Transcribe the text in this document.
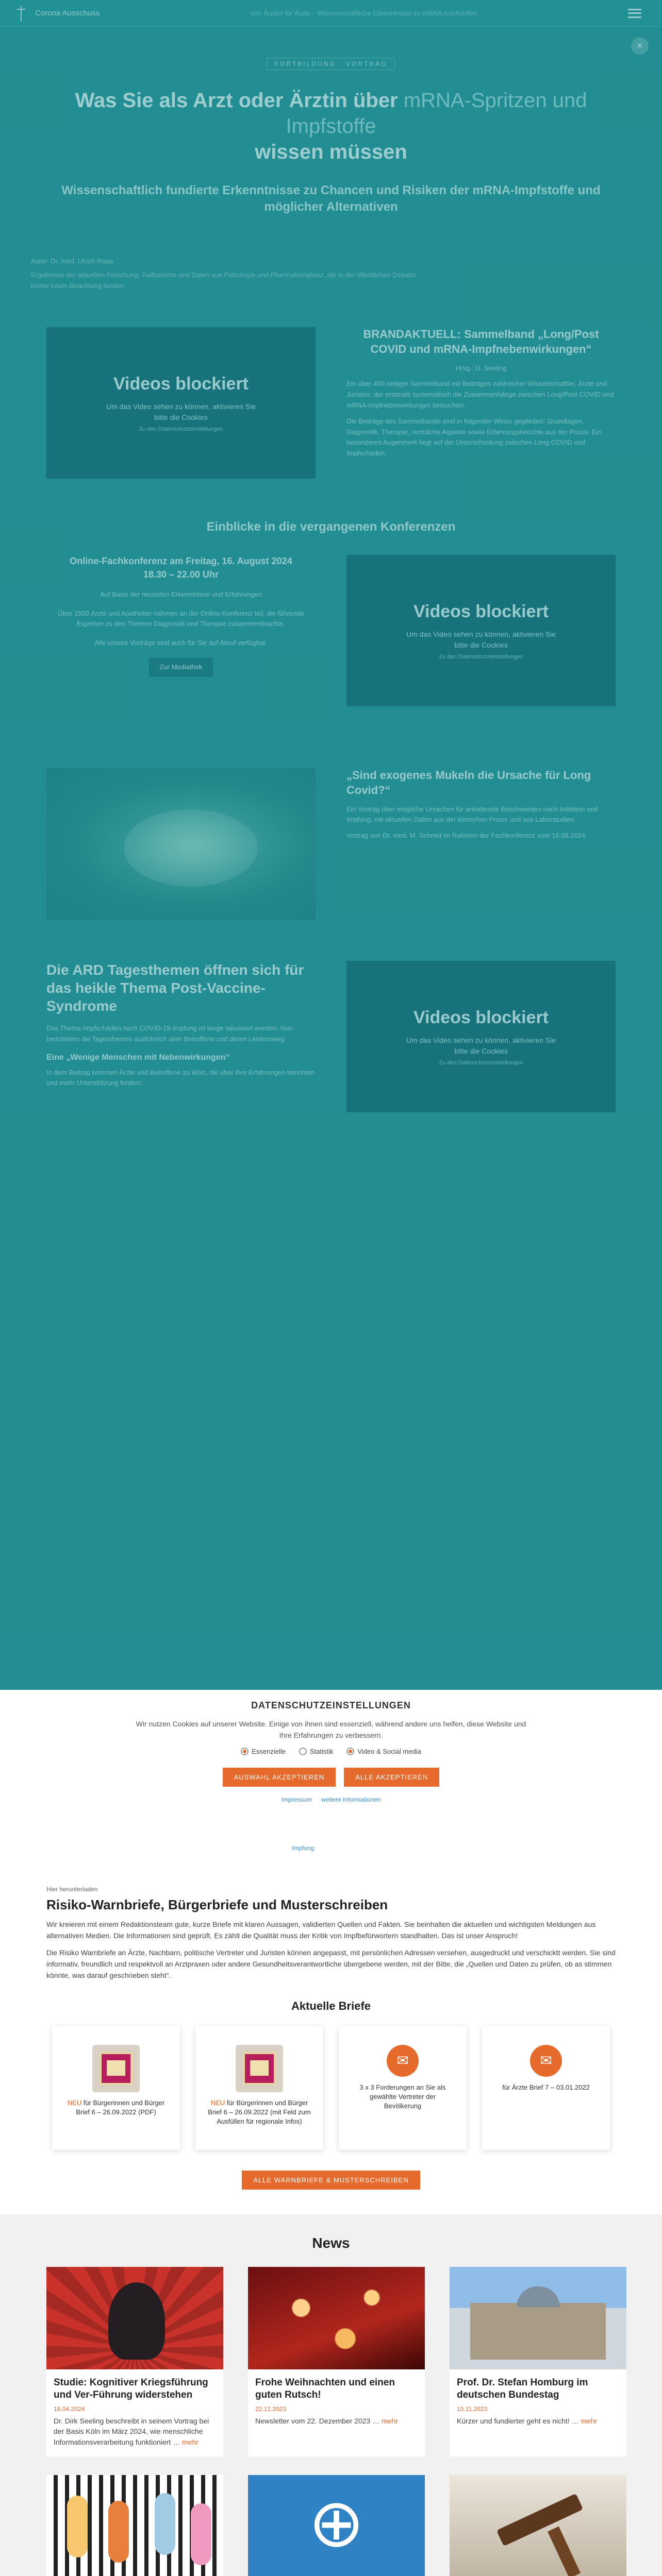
Corona Ausschuss	Von Ärzten für Ärzte – Wissenschaftliche Erkenntnisse zu mRNA-Impfstoffen
FORTBILDUNG · VORTRAG
×
Was Sie als Arzt oder Ärztin über mRNA-Spritzen und Impfstoffe
wissen müssen
Wissenschaftlich fundierte Erkenntnisse zu Chancen und Risiken der mRNA-Impfstoffe und möglicher Alternativen
Autor: Dr. med. Ulrich Rapp
Ergebnisse der aktuellen Forschung, Fallberichte und Daten aus Pathologie und Pharmakovigilanz, die in der öffentlichen Debatte bisher kaum Beachtung fanden.
Videos blockiert
Um das Video sehen zu können, aktivieren Sie bitte die Cookies
Zu den Datenschutzeinstellungen
BRANDAKTUELL: Sammelband „Long/Post COVID und mRNA-Impfnebenwirkungen“

Hrsg.: D. Seeling

Ein über 400-seitiger Sammelband mit Beiträgen zahlreicher Wissenschaftler, Ärzte und Juristen, der erstmals systematisch die Zusammenhänge zwischen Long/Post COVID und mRNA-Impfnebenwirkungen beleuchtet.

Die Beiträge des Sammelbands sind in folgender Weise gegliedert: Grundlagen, Diagnostik, Therapie, rechtliche Aspekte sowie Erfahrungsberichte aus der Praxis. Ein besonderes Augenmerk liegt auf der Unterscheidung zwischen Long COVID und Impfschäden.

Einblicke in die vergangenen Konferenzen
Online-Fachkonferenz am Freitag, 16. August 2024
18.30 – 22.00 Uhr

Auf Basis der neuesten Erkenntnisse und Erfahrungen

Über 1500 Ärzte und Apotheker nahmen an der Online-Konferenz teil, die führende Experten zu den Themen Diagnostik und Therapie zusammenbrachte.

Alle unsere Vorträge sind auch für Sie auf Abruf verfügbar.

Zur Mediathek
Videos blockiert
Um das Video sehen zu können, aktivieren Sie bitte die Cookies
Zu den Datenschutzeinstellungen
„Sind exogenes Mukeln die Ursache für Long Covid?“

Ein Vortrag über mögliche Ursachen für anhaltende Beschwerden nach Infektion und Impfung, mit aktuellen Daten aus der klinischen Praxis und aus Laborstudien.

Vortrag von Dr. med. M. Schmid im Rahmen der Fachkonferenz vom 16.08.2024.

Die ARD Tagesthemen öffnen sich für das heikle Thema Post-Vaccine-Syndrome

Das Thema Impfschäden nach COVID-19-Impfung ist lange tabuisiert worden. Nun berichteten die Tagesthemen ausführlich über Betroffene und deren Leidensweg.

Eine „Wenige Menschen mit Nebenwirkungen“

In dem Beitrag kommen Ärzte und Betroffene zu Wort, die über ihre Erfahrungen berichten und mehr Unterstützung fordern.

Videos blockiert
Um das Video sehen zu können, aktivieren Sie bitte die Cookies
Zu den Datenschutzeinstellungen
DATENSCHUTZEINSTELLUNGEN

Wir nutzen Cookies auf unserer Website. Einige von ihnen sind essenziell, während andere uns helfen, diese Website und Ihre Erfahrungen zu verbessern.

Essenzielle	Statistik	Video & Social media
AUSWAHL AKZEPTIEREN	ALLE AKZEPTIEREN
Impressum weitere Informationen
Impfung
Hier herunterladen
Risiko-Warnbriefe, Bürgerbriefe und Musterschreiben

Wir kreieren mit einem Redaktionsteam gute, kurze Briefe mit klaren Aussagen, validierten Quellen und Fakten. Sie beinhalten die aktuellen und wichtigsten Meldungen aus alternativen Medien. Die Informationen sind geprüft. Es zählt die Qualität muss der Kritik von Impfbefürwortern standhalten. Das ist unser Anspruch!

Die Risiko Warnbriefe an Ärzte, Nachbarn, politische Vertreter und Juristen können angepasst, mit persönlichen Adressen versehen, ausgedruckt und verschicktt werden. Sie sind informativ, freundlich und respektvoll an Arztpraxen oder andere Gesundheitsverantwortliche übergebene werden, mit der Bitte, die „Quellen und Daten zu prüfen, ob as stimmen könnte, was darauf geschrieben steht“.

Aktuelle Briefe
NEU für Bürgerinnen und Bürger Brief 6 – 26.09.2022 (PDF)
NEU für Bürgerinnen und Bürger Brief 6 – 26.09.2022 (mit Feld zum Ausfüllen für regionale Infos)
✉
3 x 3 Forderungen an Sie als gewählte Vertreter der Bevölkerung
✉
für Ärzte Brief 7 – 03.01.2022
ALLE WARNBRIEFE & MUSTERSCHREIBEN
News
Studie: Kognitiver Kriegsführung und Ver-Führung widerstehen
18.04.2024
Dr. Dirk Seeling beschreibt in seinem Vortrag bei der Basis Köln im März 2024, wie menschliche Informationsverarbeitung funktioniert … mehr
Frohe Weihnachten und einen guten Rutsch!
22.12.2023
Newsletter vom 22. Dezember 2023 … mehr
Prof. Dr. Stefan Homburg im deutschen Bundestag
10.11.2023
Kürzer und fundierter geht es nicht! … mehr
⊕
